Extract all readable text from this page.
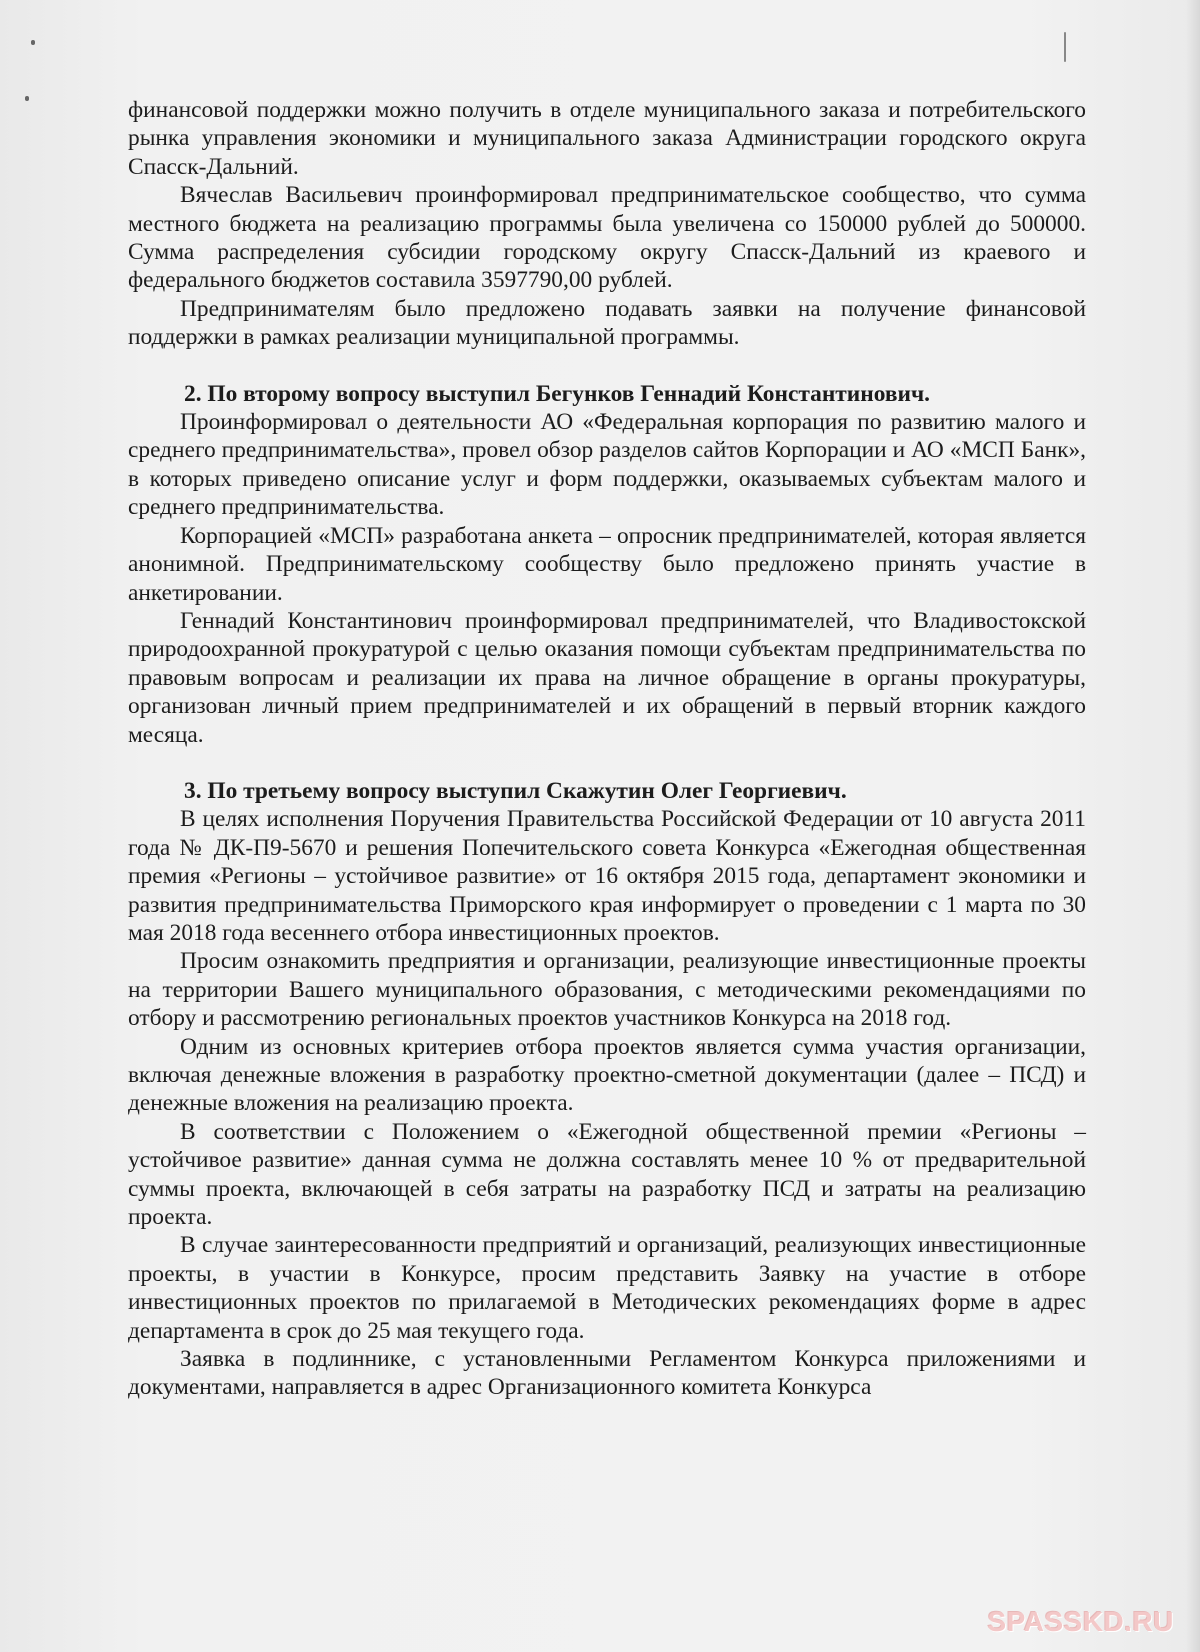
финансовой поддержки можно получить в отделе муниципального заказа и потребительского рынка управления экономики и муниципального заказа Администрации городского округа Спасск-Дальний.

Вячеслав Васильевич проинформировал предпринимательское сообщество, что сумма местного бюджета на реализацию программы была увеличена со 150000 рублей до 500000. Сумма распределения субсидии городскому округу Спасск-Дальний из краевого и федерального бюджетов составила 3597790,00 рублей.

Предпринимателям было предложено подавать заявки на получение финансовой поддержки в рамках реализации муниципальной программы.

2. По второму вопросу выступил Бегунков Геннадий Константинович.

Проинформировал о деятельности АО «Федеральная корпорация по развитию малого и среднего предпринимательства», провел обзор разделов сайтов Корпорации и АО «МСП Банк», в которых приведено описание услуг и форм поддержки, оказываемых субъектам малого и среднего предпринимательства.

Корпорацией «МСП» разработана анкета – опросник предпринимателей, которая является анонимной. Предпринимательскому сообществу было предложено принять участие в анкетировании.

Геннадий Константинович проинформировал предпринимателей, что Владивостокской природоохранной прокуратурой с целью оказания помощи субъектам предпринимательства по правовым вопросам и реализации их права на личное обращение в органы прокуратуры, организован личный прием предпринимателей и их обращений в первый вторник каждого месяца.

3. По третьему вопросу выступил Скажутин Олег Георгиевич.

В целях исполнения Поручения Правительства Российской Федерации от 10 августа 2011 года № ДК-П9-5670 и решения Попечительского совета Конкурса «Ежегодная общественная премия «Регионы – устойчивое развитие» от 16 октября 2015 года, департамент экономики и развития предпринимательства Приморского края информирует о проведении с 1 марта по 30 мая 2018 года весеннего отбора инвестиционных проектов.

Просим ознакомить предприятия и организации, реализующие инвестиционные проекты на территории Вашего муниципального образования, с методическими рекомендациями по отбору и рассмотрению региональных проектов участников Конкурса на 2018 год.

Одним из основных критериев отбора проектов является сумма участия организации, включая денежные вложения в разработку проектно-сметной документации (далее – ПСД) и денежные вложения на реализацию проекта.

В соответствии с Положением о «Ежегодной общественной премии «Регионы – устойчивое развитие» данная сумма не должна составлять менее 10 % от предварительной суммы проекта, включающей в себя затраты на разработку ПСД и затраты на реализацию проекта.

В случае заинтересованности предприятий и организаций, реализующих инвестиционные проекты, в участии в Конкурсе, просим представить Заявку на участие в отборе инвестиционных проектов по прилагаемой в Методических рекомендациях форме в адрес департамента в срок до 25 мая текущего года.

Заявка в подлиннике, с установленными Регламентом Конкурса приложениями и документами, направляется в адрес Организационного комитета Конкурса

SPASSKD.RU
